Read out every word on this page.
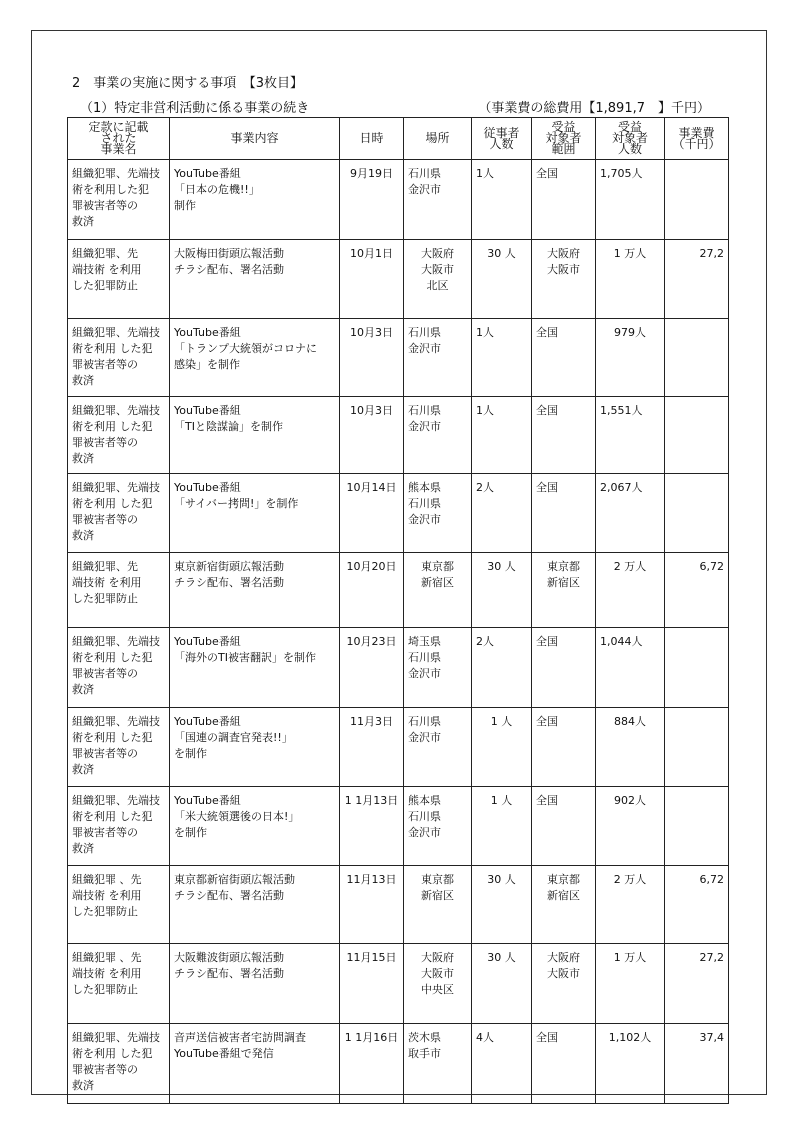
2　事業の実施に関する事項　【3枚目】
（1）特定非営利活動に係る事業の続き	（事業費の総費用【1,891,7　】千円）
定款に記載
された
事業名	事業内容	日時	場所	従事者
人数	受益
対象者
範囲	受益
対象者
人数	事業費
（千円）
組織犯罪、先端技
術を利用した犯
罪被害者等の
救済	YouTube番組
「日本の危機!!」
制作	9月19日	石川県
金沢市	1人	全国	1,705人	
組織犯罪、先
端技術 を利用
した犯罪防止	大阪梅田街頭広報活動
チラシ配布、署名活動	10月1日	大阪府
大阪市
北区	30 人	大阪府
大阪市	1 万人	27,2
組織犯罪、先端技
術を利用 した犯
罪被害者等の
救済	YouTube番組
「トランプ大統領がコロナに
感染」を制作	10月3日	石川県
金沢市	1人	全国	979人	
組織犯罪、先端技
術を利用 した犯
罪被害者等の
救済	YouTube番組
「TIと陰謀論」を制作	10月3日	石川県
金沢市	1人	全国	1,551人	
組織犯罪、先端技
術を利用 した犯
罪被害者等の
救済	YouTube番組
「サイバー拷問!」を制作	10月14日	熊本県
石川県
金沢市	2人	全国	2,067人	
組織犯罪、先
端技術 を利用
した犯罪防止	東京新宿街頭広報活動
チラシ配布、署名活動	10月20日	東京都
新宿区	30 人	東京都
新宿区	2 万人	6,72
組織犯罪、先端技
術を利用 した犯
罪被害者等の
救済	YouTube番組
「海外のTI被害翻訳」を制作	10月23日	埼玉県
石川県
金沢市	2人	全国	1,044人	
組織犯罪、先端技
術を利用 した犯
罪被害者等の
救済	YouTube番組
「国連の調査官発表!!」
を制作	11月3日	石川県
金沢市	1 人	全国	884人	
組織犯罪、先端技
術を利用 した犯
罪被害者等の
救済	YouTube番組
「米大統領選後の日本!」
を制作	1 1月13日	熊本県
石川県
金沢市	1 人	全国	902人	
組織犯罪 、先
端技術 を利用
した犯罪防止	東京都新宿街頭広報活動
チラシ配布、署名活動	11月13日	東京都
新宿区	30 人	東京都
新宿区	2 万人	6,72
組織犯罪 、先
端技術 を利用
した犯罪防止	大阪難波街頭広報活動
チラシ配布、署名活動	11月15日	大阪府
大阪市
中央区	30 人	大阪府
大阪市	1 万人	27,2
組織犯罪、先端技
術を利用 した犯
罪被害者等の
救済	音声送信被害者宅訪問調査
YouTube番組で発信	1 1月16日	茨木県
取手市	4人	全国	1,102人	37,4
